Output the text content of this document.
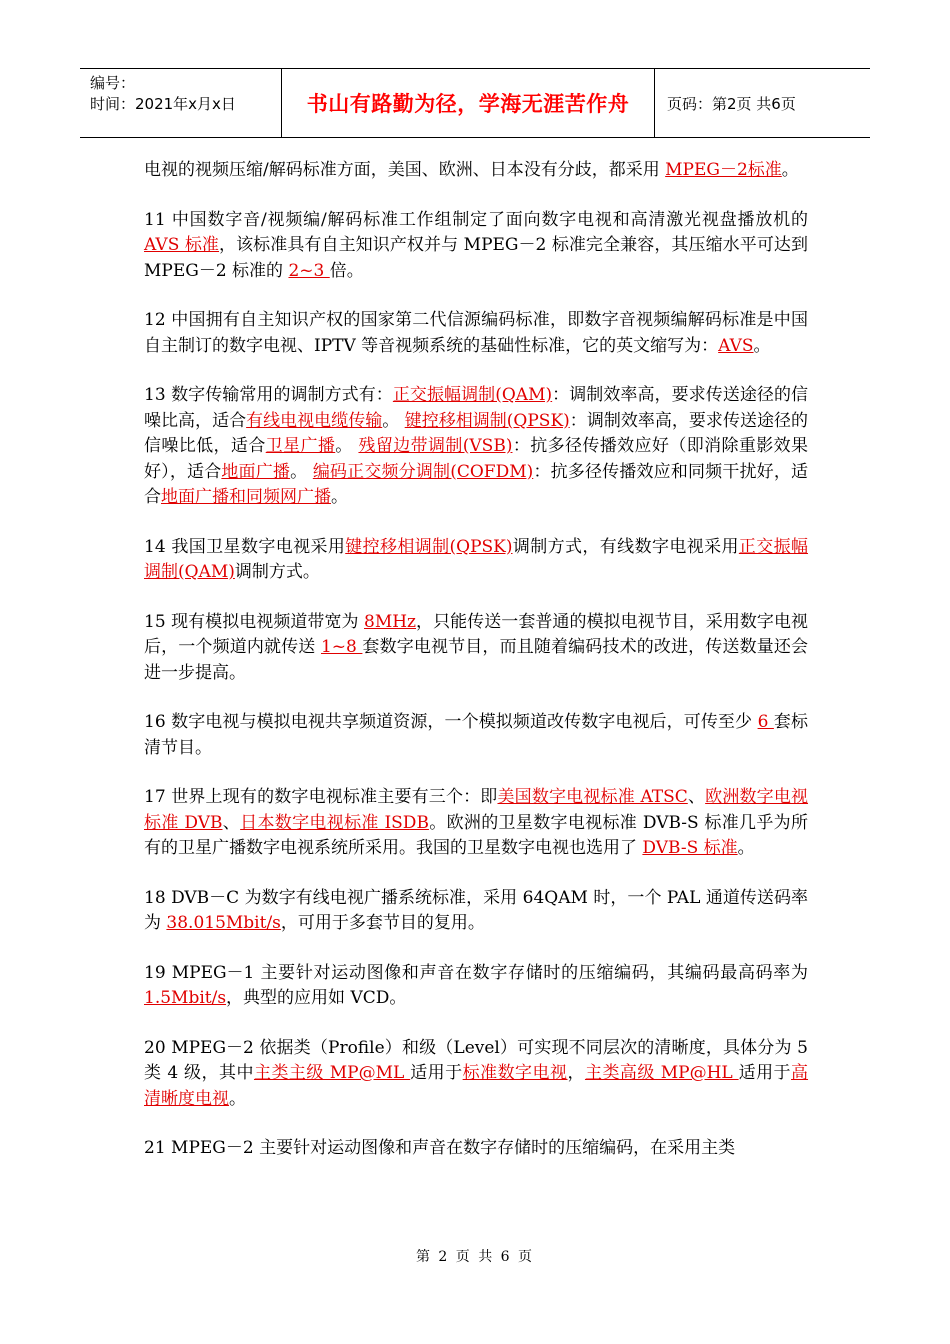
编号：
时间：2021年x月x日	书山有路勤为径，学海无涯苦作舟	页码：第2页 共6页

电视的视频压缩/解码标准方面，美国、欧洲、日本没有分歧，都采用 MPEG－2标准。

11 中国数字音/视频编/解码标准工作组制定了面向数字电视和高清激光视盘播放机的 AVS 标准，该标准具有自主知识产权并与 MPEG－2 标准完全兼容，其压缩水平可达到 MPEG－2 标准的 2~3 倍。

12 中国拥有自主知识产权的国家第二代信源编码标准，即数字音视频编解码标准是中国自主制订的数字电视、IPTV 等音视频系统的基础性标准，它的英文缩写为：AVS。

13 数字传输常用的调制方式有：正交振幅调制(QAM)：调制效率高，要求传送途径的信噪比高，适合有线电视电缆传输。 键控移相调制(QPSK)：调制效率高，要求传送途径的信噪比低，适合卫星广播。 残留边带调制(VSB)：抗多径传播效应好（即消除重影效果好），适合地面广播。 编码正交频分调制(COFDM)：抗多径传播效应和同频干扰好，适合地面广播和同频网广播。

14 我国卫星数字电视采用键控移相调制(QPSK)调制方式，有线数字电视采用正交振幅调制(QAM)调制方式。

15 现有模拟电视频道带宽为 8MHz，只能传送一套普通的模拟电视节目，采用数字电视后，一个频道内就传送 1~8 套数字电视节目，而且随着编码技术的改进，传送数量还会进一步提高。

16 数字电视与模拟电视共享频道资源，一个模拟频道改传数字电视后，可传至少 6 套标清节目。

17 世界上现有的数字电视标准主要有三个：即美国数字电视标准 ATSC、欧洲数字电视标准 DVB、日本数字电视标准 ISDB。欧洲的卫星数字电视标准 DVB-S 标准几乎为所有的卫星广播数字电视系统所采用。我国的卫星数字电视也选用了 DVB-S 标准。

18 DVB－C 为数字有线电视广播系统标准，采用 64QAM 时，一个 PAL 通道传送码率为 38.015Mbit/s，可用于多套节目的复用。

19 MPEG－1 主要针对运动图像和声音在数字存储时的压缩编码，其编码最高码率为 1.5Mbit/s，典型的应用如 VCD。

20 MPEG－2 依据类（Profile）和级（Level）可实现不同层次的清晰度，具体分为 5 类 4 级，其中主类主级 MP@ML 适用于标准数字电视，主类高级 MP@HL 适用于高清晰度电视。

21 MPEG－2 主要针对运动图像和声音在数字存储时的压缩编码，在采用主类

第 2 页 共 6 页
